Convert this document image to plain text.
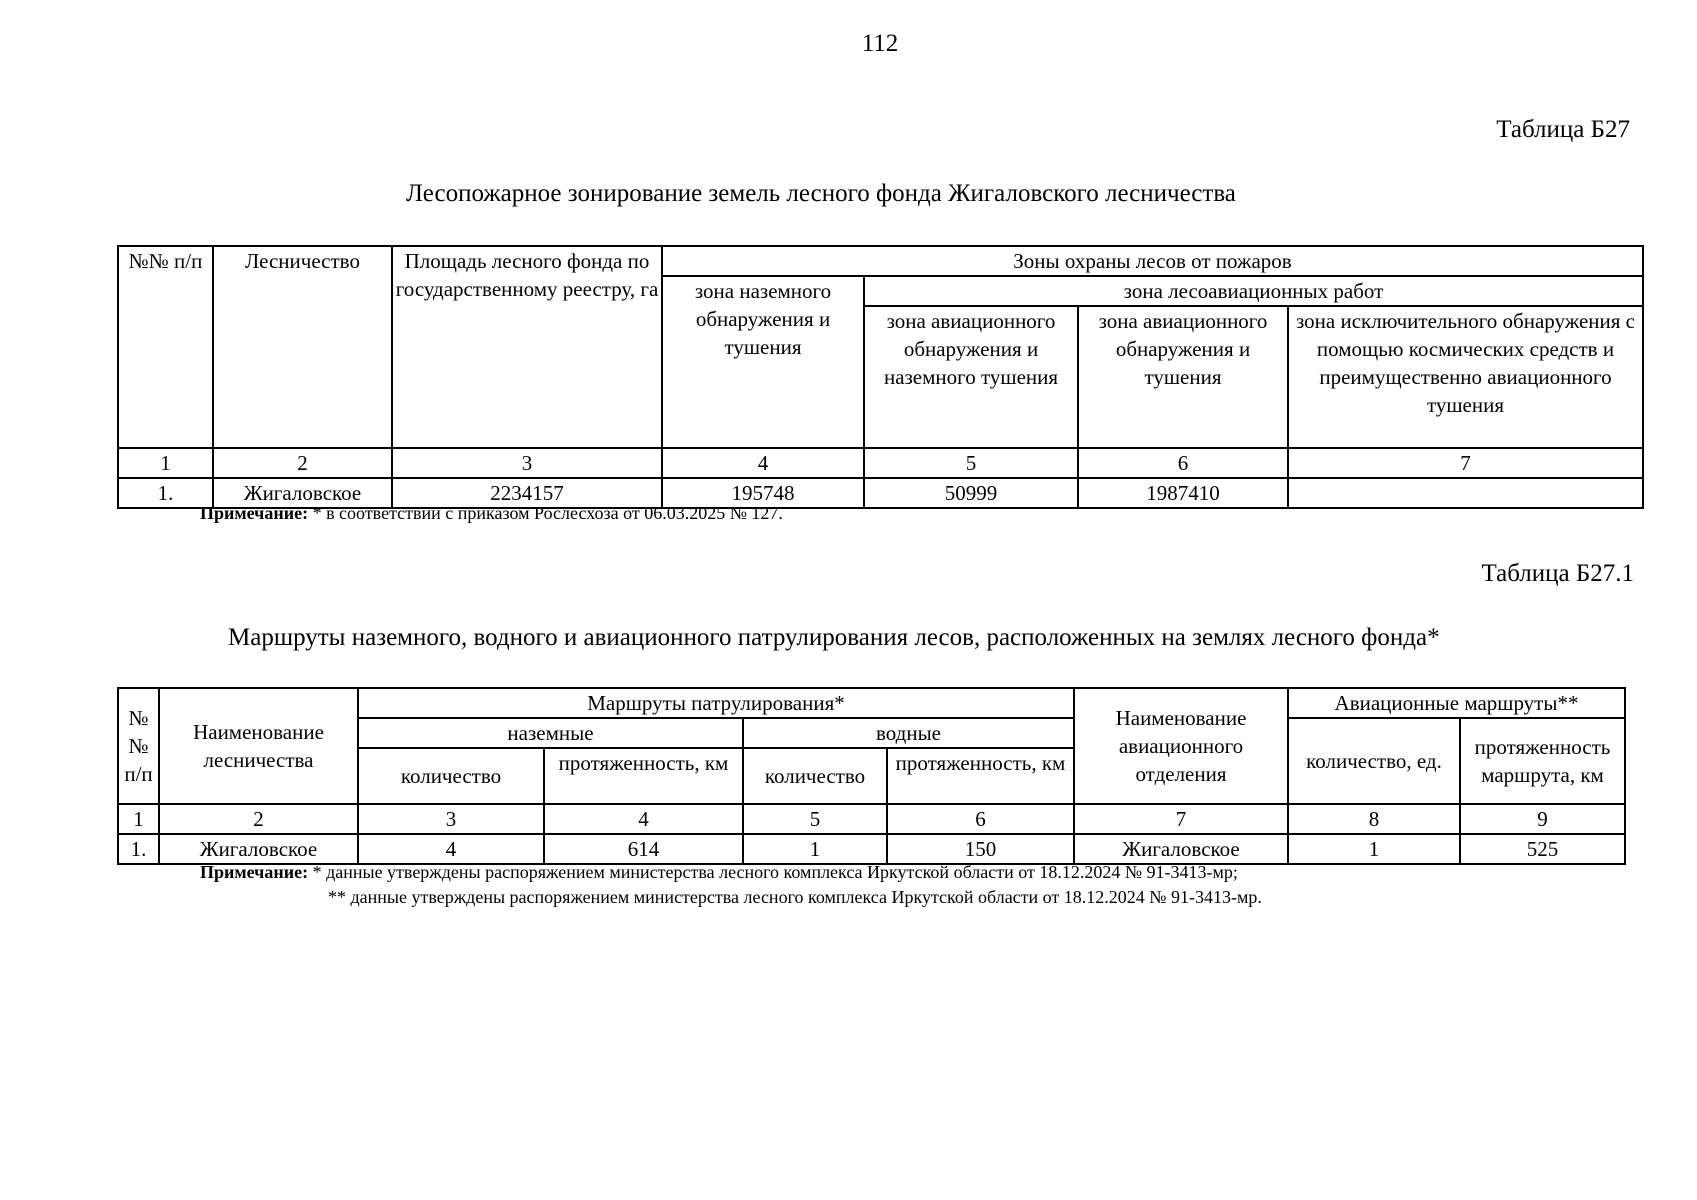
112
Таблица Б27
Лесопожарное зонирование земель лесного фонда Жигаловского лесничества
№№ п/п	Лесничество	Площадь лесного фонда по государственному реестру, га	Зоны охраны лесов от пожаров			
			зона наземного обнаружения и тушения	зона лесоавиационных работ		
				зона авиационного обнаружения и наземного тушения	зона авиационного обнаружения и тушения	зона исключительного обнаружения с помощью космических средств и преимущественно авиационного тушения
1	2	3	4	5	6	7
1.	Жигаловское	2234157	195748	50999	1987410	
Примечание: * в соответствии с приказом Рослесхоза от 06.03.2025 № 127.
Таблица Б27.1
Маршруты наземного, водного и авиационного патрулирования лесов, расположенных на землях лесного фонда*
№ № п/п	Наименование лесничества	Маршруты патрулирования*				Наименование авиационного отделения	Авиационные маршруты**	
		наземные		водные			количество, ед.	протяженность маршрута, км
		количество	протяженность, км	количество	протяженность, км			
1	2	3	4	5	6	7	8	9
1.	Жигаловское	4	614	1	150	Жигаловское	1	525
Примечание: * данные утверждены распоряжением министерства лесного комплекса Иркутской области от 18.12.2024 № 91-3413-мр;
** данные утверждены распоряжением министерства лесного комплекса Иркутской области от 18.12.2024 № 91-3413-мр.
